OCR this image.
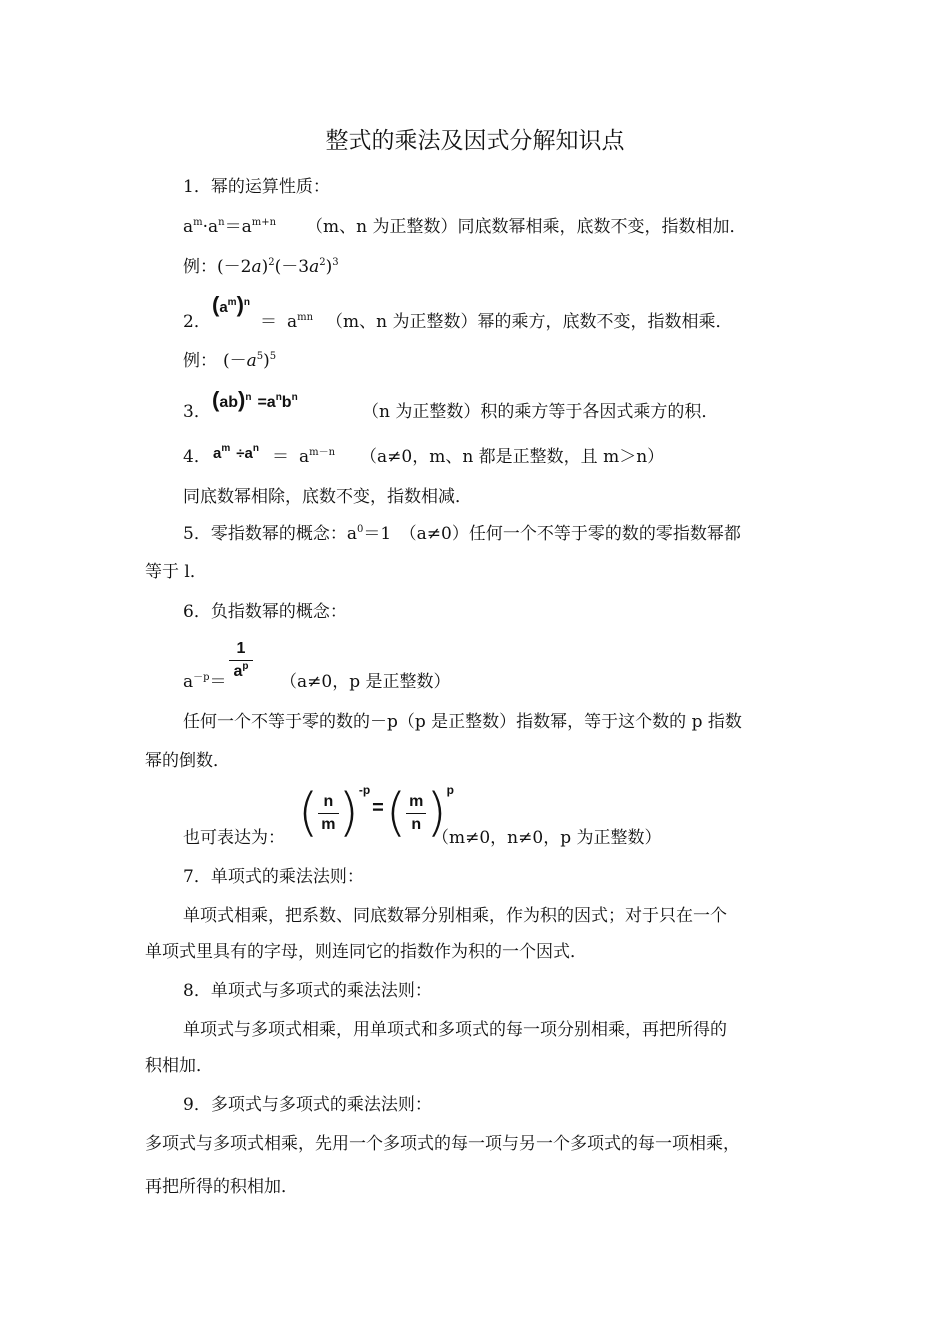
整式的乘法及因式分解知识点
1．幂的运算性质：
$a^m\cdot a^n=a^{m+n}$ （m、n 为正整数）同底数幂相乘，底数不变，指数相加．
例：$(-2a)^2(-3a^2)^3$
2．
$(a^m)^n$
＝ $a^{mn}$ （m、n 为正整数）幂的乘方，底数不变，指数相乘．
例： $(-a^5)^5$
3． $(ab)^n =a^nb^n$
（n 为正整数）积的乘方等于各因式乘方的积．
4． $a^m \div a^n = a^{m-n}$ （a≠0，m、n 都是正整数，且 m＞n）
同底数幂相除，底数不变，指数相减．
5．零指数幂的概念：$a^0=1$　（a≠0）任何一个不等于零的数的零指数幂都
等于 l．
6．负指数幂的概念：
$a^{-p}=$
1
$a^p$
（a≠0，p 是正整数）
任何一个不等于零的数的－p（p 是正整数）指数幂，等于这个数的 p 指数
幂的倒数．
也可表达为： ( $\frac{n}{m} )^{-p}=( \frac{m}{n} )^p$
（m≠0，n≠0，p 为正整数）
7．单项式的乘法法则：
单项式相乘，把系数、同底数幂分别相乘，作为积的因式；对于只在一个
单项式里具有的字母，则连同它的指数作为积的一个因式．
8．单项式与多项式的乘法法则：
单项式与多项式相乘，用单项式和多项式的每一项分别相乘，再把所得的
积相加．
9．多项式与多项式的乘法法则：
多项式与多项式相乘，先用一个多项式的每一项与另一个多项式的每一项相乘，
再把所得的积相加．
